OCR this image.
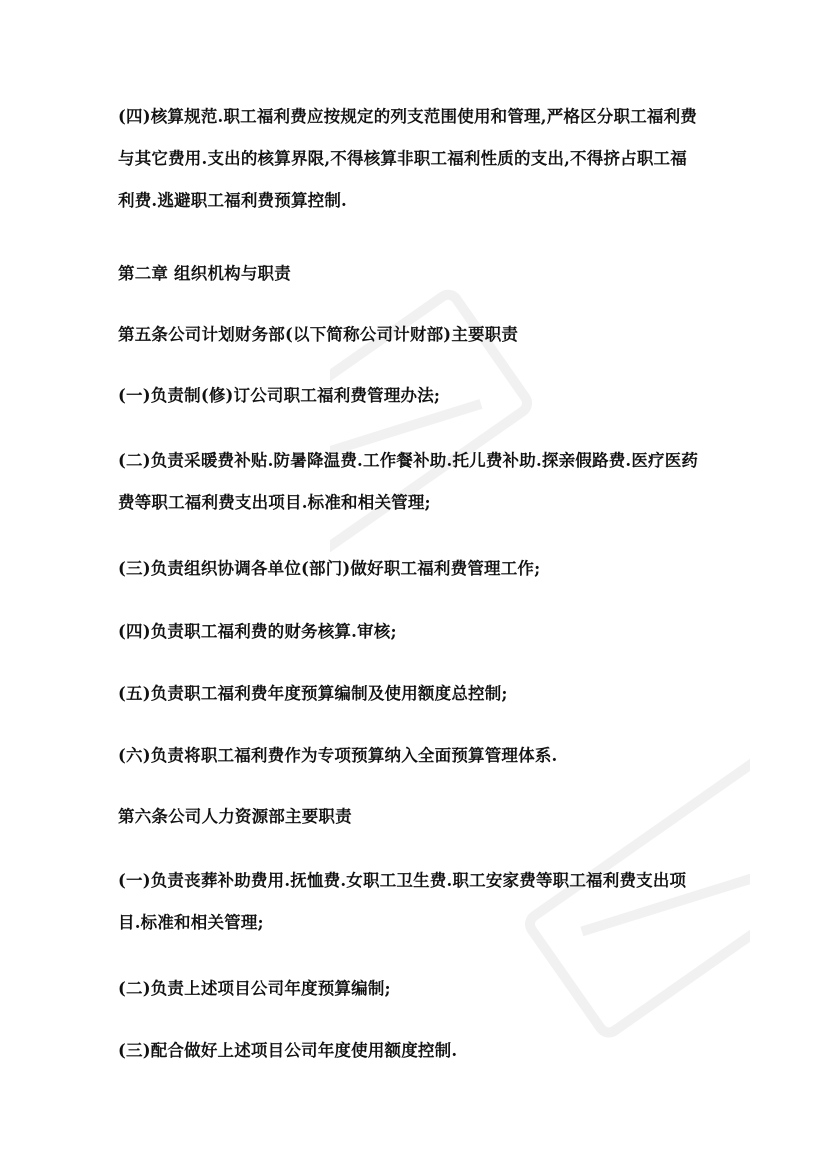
(四)核算规范.职工福利费应按规定的列支范围使用和管理,严格区分职工福利费
与其它费用.支出的核算界限,不得核算非职工福利性质的支出,不得挤占职工福
利费.逃避职工福利费预算控制.

第二章 组织机构与职责

第五条公司计划财务部(以下简称公司计财部)主要职责

(一)负责制(修)订公司职工福利费管理办法;

(二)负责采暖费补贴.防暑降温费.工作餐补助.托儿费补助.探亲假路费.医疗医药
费等职工福利费支出项目.标准和相关管理;

(三)负责组织协调各单位(部门)做好职工福利费管理工作;

(四)负责职工福利费的财务核算.审核;

(五)负责职工福利费年度预算编制及使用额度总控制;

(六)负责将职工福利费作为专项预算纳入全面预算管理体系.

第六条公司人力资源部主要职责

(一)负责丧葬补助费用.抚恤费.女职工卫生费.职工安家费等职工福利费支出项
目.标准和相关管理;

(二)负责上述项目公司年度预算编制;

(三)配合做好上述项目公司年度使用额度控制.
